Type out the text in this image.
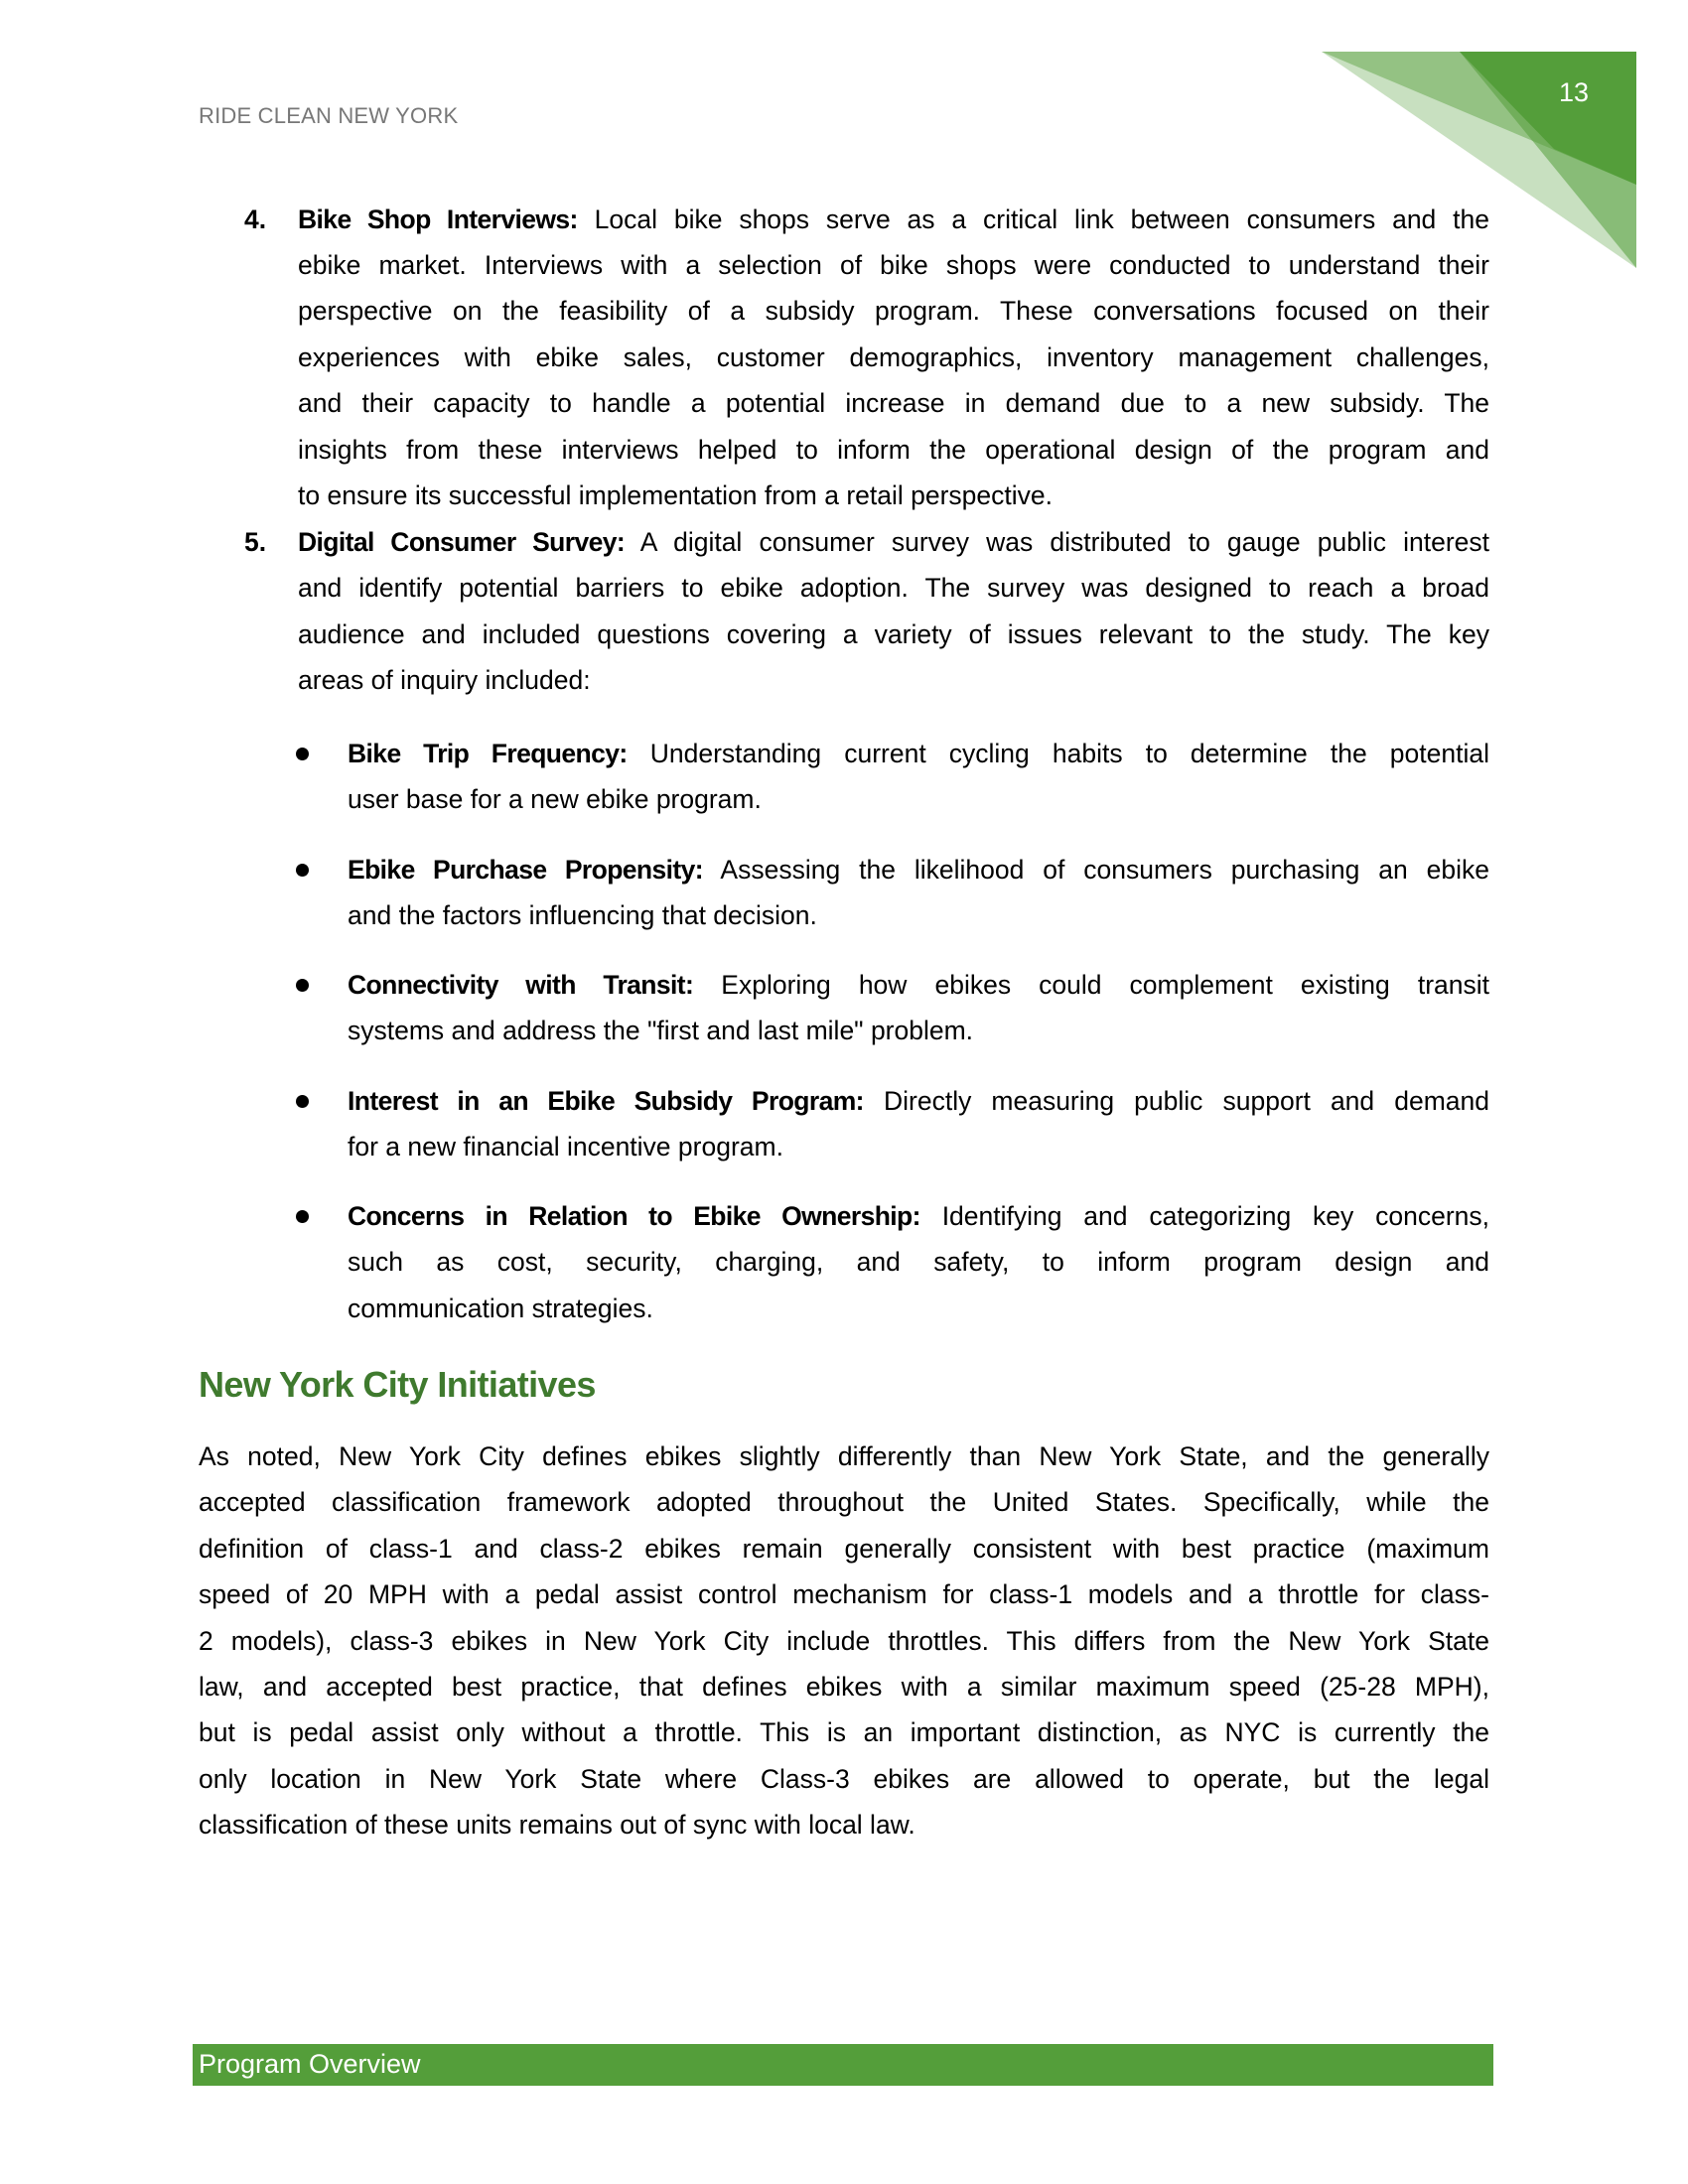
RIDE CLEAN NEW YORK
13
4. Bike Shop Interviews: Local bike shops serve as a critical link between consumers and the
ebike market. Interviews with a selection of bike shops were conducted to understand their
perspective on the feasibility of a subsidy program. These conversations focused on their
experiences with ebike sales, customer demographics, inventory management challenges,
and their capacity to handle a potential increase in demand due to a new subsidy. The
insights from these interviews helped to inform the operational design of the program and
to ensure its successful implementation from a retail perspective.
5. Digital Consumer Survey: A digital consumer survey was distributed to gauge public interest
and identify potential barriers to ebike adoption. The survey was designed to reach a broad
audience and included questions covering a variety of issues relevant to the study. The key
areas of inquiry included:
Bike Trip Frequency: Understanding current cycling habits to determine the potential
user base for a new ebike program.
Ebike Purchase Propensity: Assessing the likelihood of consumers purchasing an ebike
and the factors influencing that decision.
Connectivity with Transit: Exploring how ebikes could complement existing transit
systems and address the "first and last mile" problem.
Interest in an Ebike Subsidy Program: Directly measuring public support and demand
for a new financial incentive program.
Concerns in Relation to Ebike Ownership: Identifying and categorizing key concerns,
such as cost, security, charging, and safety, to inform program design and
communication strategies.
New York City Initiatives
As noted, New York City defines ebikes slightly differently than New York State, and the generally
accepted classification framework adopted throughout the United States. Specifically, while the
definition of class-1 and class-2 ebikes remain generally consistent with best practice (maximum
speed of 20 MPH with a pedal assist control mechanism for class-1 models and a throttle for class-
2 models), class-3 ebikes in New York City include throttles. This differs from the New York State
law, and accepted best practice, that defines ebikes with a similar maximum speed (25-28 MPH),
but is pedal assist only without a throttle. This is an important distinction, as NYC is currently the
only location in New York State where Class-3 ebikes are allowed to operate, but the legal
classification of these units remains out of sync with local law.
Program Overview
